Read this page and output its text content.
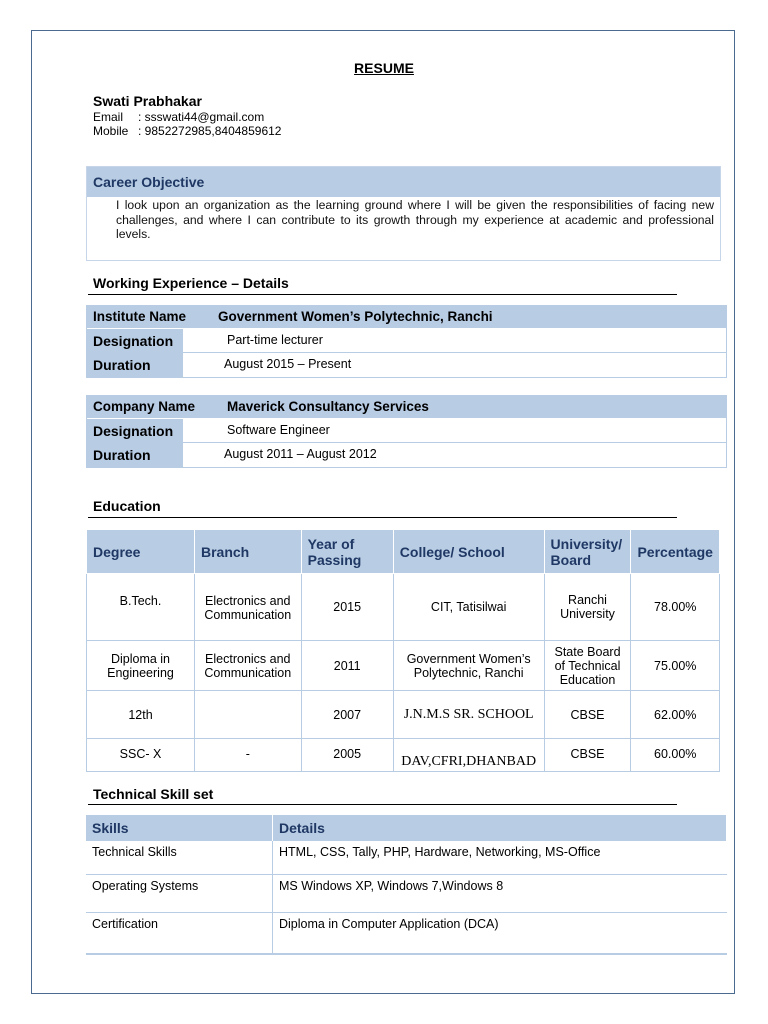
RESUME
Swati Prabhakar
Email : ssswati44@gmail.com
Mobile : 9852272985,8404859612
Career Objective
I look upon an organization as the learning ground where I will be given the responsibilities of facing new challenges, and where I can contribute to its growth through my experience at academic and professional levels.
Working Experience – Details
Institute Name Government Women’s Polytechnic, Ranchi
Designation	Part-time lecturer
Duration	August 2015 – Present
Company Name Maverick Consultancy Services
Designation	Software Engineer
Duration	August 2011 – August 2012
Education
Degree	Branch	Year of Passing	College/ School	University/ Board	Percentage
B.Tech.	Electronics and Communication	2015	CIT, Tatisilwai	Ranchi University	78.00%
Diploma in Engineering	Electronics and Communication	2011	Government Women’s Polytechnic, Ranchi	State Board of Technical Education	75.00%
12th		2007	J.N.M.S SR. SCHOOL	CBSE	62.00%
SSC- X	-	2005	DAV,CFRI,DHANBAD	CBSE	60.00%
Technical Skill set
Skills	Details
Technical Skills	HTML, CSS, Tally, PHP, Hardware, Networking, MS-Office
Operating Systems	MS Windows XP, Windows 7,Windows 8
Certification	Diploma in Computer Application (DCA)
